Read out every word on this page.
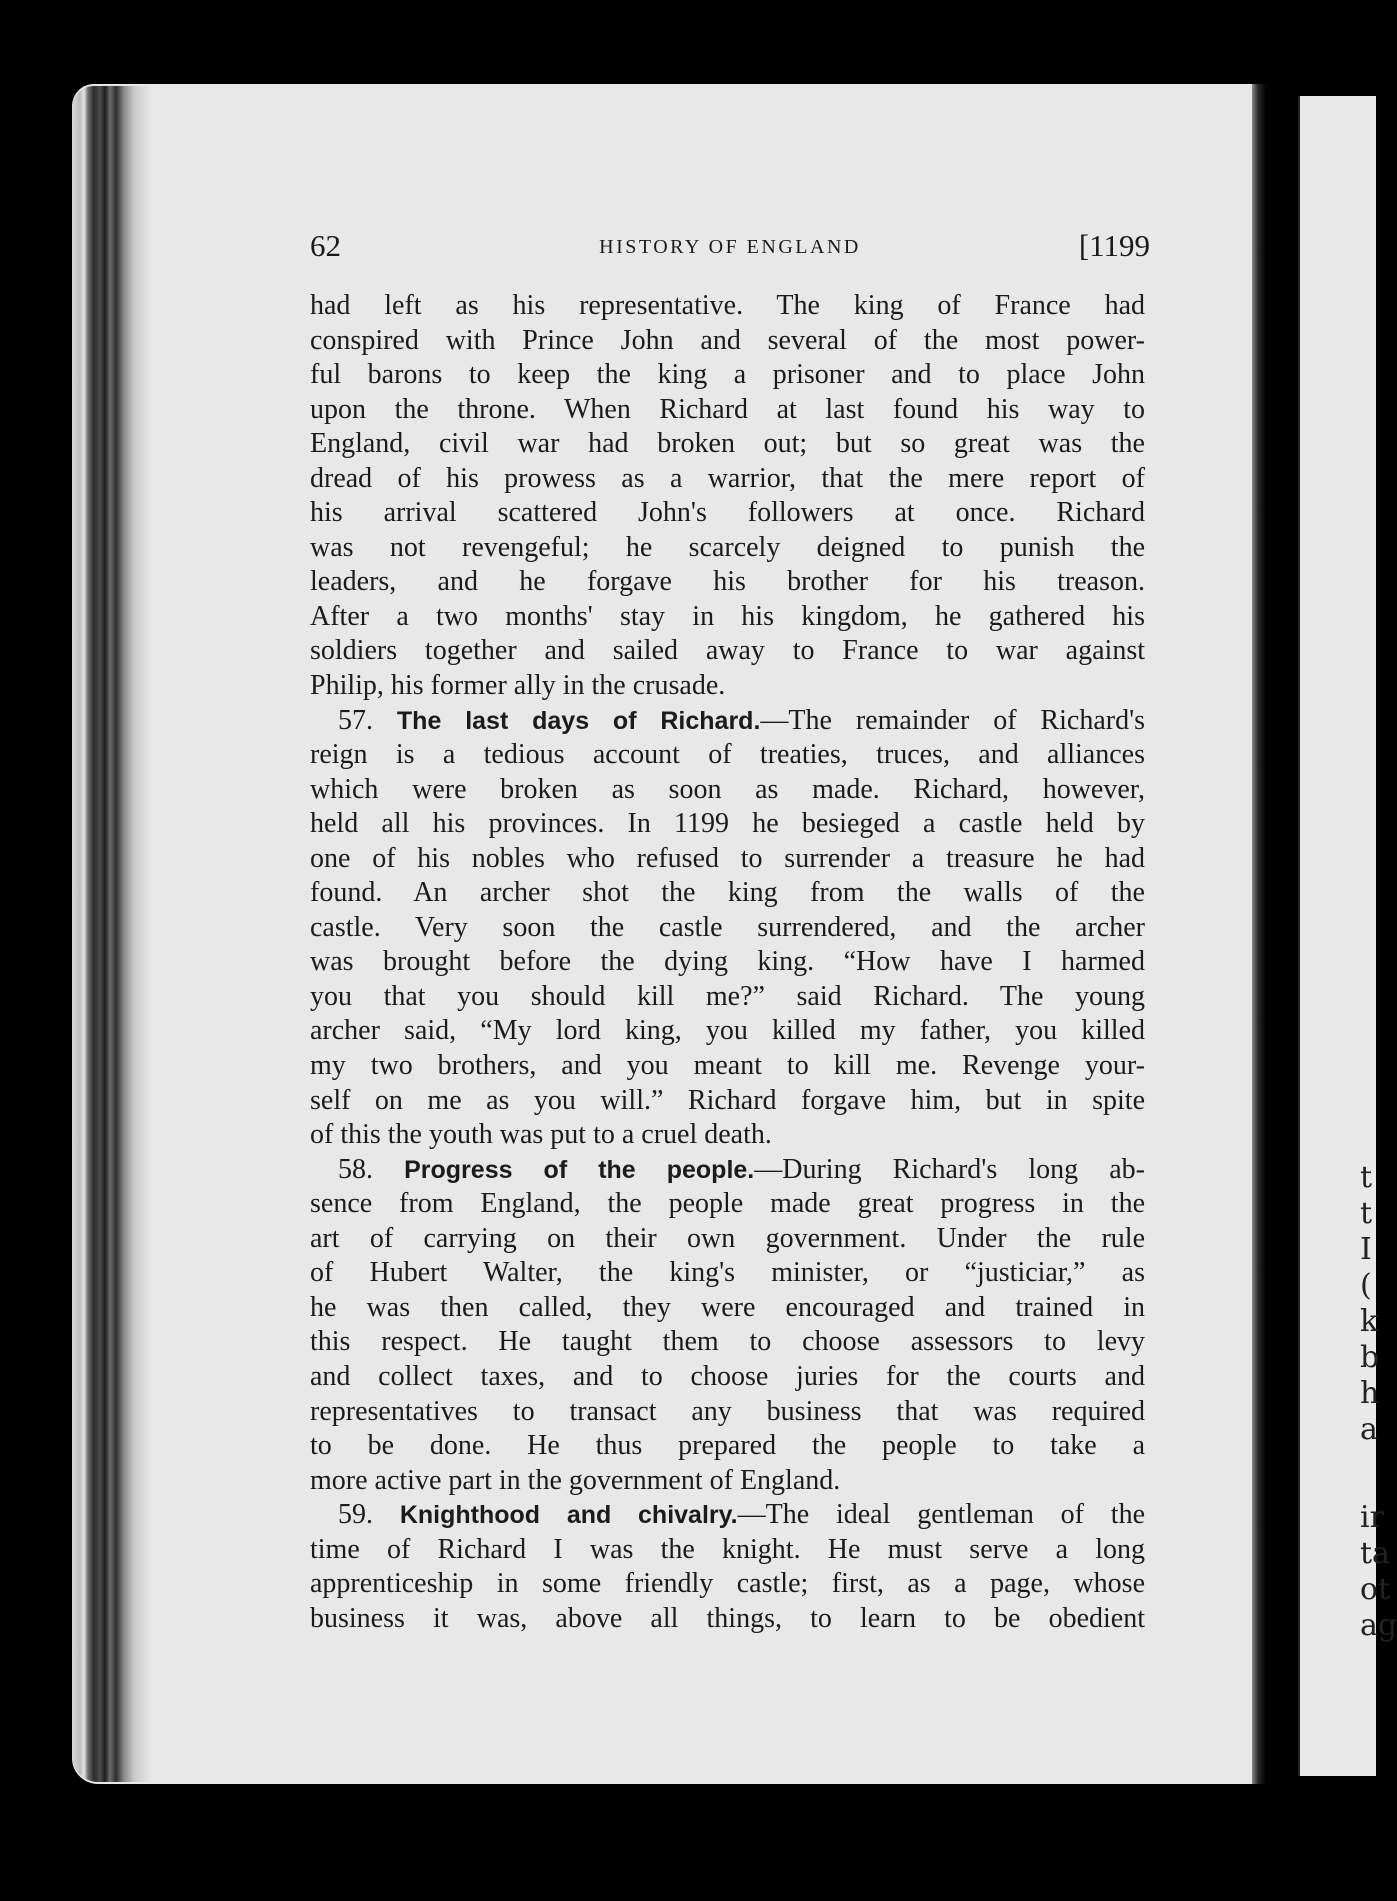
t
t
I
(
k
b
h
a
ir
ta
ot
ag
62	HISTORY OF ENGLAND	[1199
had left as his representative. The king of France had
conspired with Prince John and several of the most power-
ful barons to keep the king a prisoner and to place John
upon the throne. When Richard at last found his way to
England, civil war had broken out; but so great was the
dread of his prowess as a warrior, that the mere report of
his arrival scattered John's followers at once. Richard
was not revengeful; he scarcely deigned to punish the
leaders, and he forgave his brother for his treason.
After a two months' stay in his kingdom, he gathered his
soldiers together and sailed away to France to war against
Philip, his former ally in the crusade.
57. The last days of Richard.—The remainder of Richard's
reign is a tedious account of treaties, truces, and alliances
which were broken as soon as made. Richard, however,
held all his provinces. In 1199 he besieged a castle held by
one of his nobles who refused to surrender a treasure he had
found. An archer shot the king from the walls of the
castle. Very soon the castle surrendered, and the archer
was brought before the dying king. “How have I harmed
you that you should kill me?” said Richard. The young
archer said, “My lord king, you killed my father, you killed
my two brothers, and you meant to kill me. Revenge your-
self on me as you will.” Richard forgave him, but in spite
of this the youth was put to a cruel death.
58. Progress of the people.—During Richard's long ab-
sence from England, the people made great progress in the
art of carrying on their own government. Under the rule
of Hubert Walter, the king's minister, or “justiciar,” as
he was then called, they were encouraged and trained in
this respect. He taught them to choose assessors to levy
and collect taxes, and to choose juries for the courts and
representatives to transact any business that was required
to be done. He thus prepared the people to take a
more active part in the government of England.
59. Knighthood and chivalry.—The ideal gentleman of the
time of Richard I was the knight. He must serve a long
apprenticeship in some friendly castle; first, as a page, whose
business it was, above all things, to learn to be obedient
